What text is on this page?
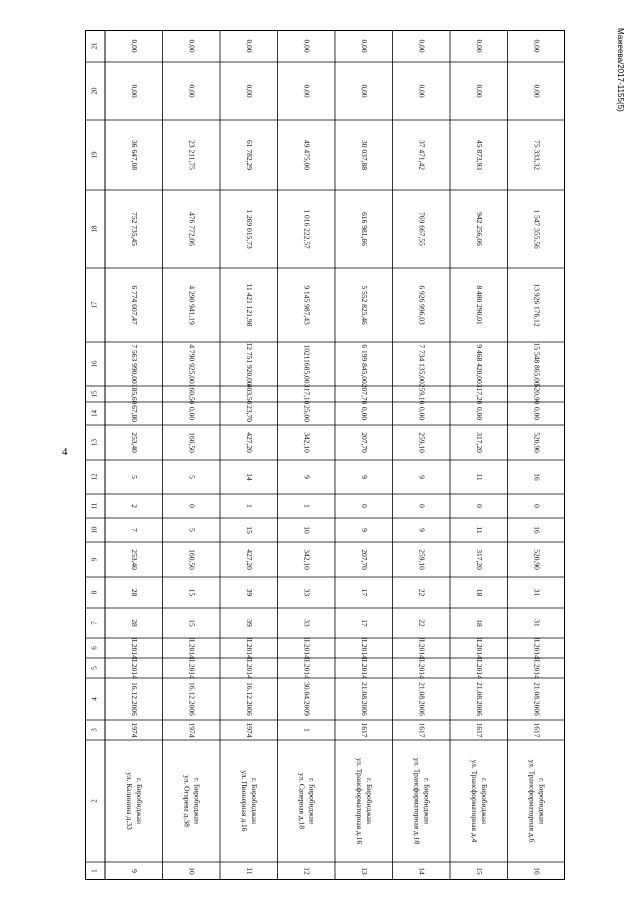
4
Мажеева/2017-1155(5)
1
2
3
4
5
6
7
8
9
10
11
12
13
14
15
16
17
18
19
20
21
9
г. Биробиджан
ул. Калинина д.33
1974
16.12.2006
II.2014
II.2014
28
28
253,40
7
2
5
253,40
67,80
185,60
7 563 990,00
6 774 607,47
752 735,45
36 647,08
0,00
0,00
10
г. Биробиджан
ул. Огарева д.38
1974
16.12.2006
II.2014
II.2014
15
15
160,50
5
0
5
160,50
0,00
160,50
4 790 925,00
4 290 941,19
476 772,06
23 211,75
0,00
0,00
11
г. Биробиджан
ул. Пионерная д.16
1974
16.12.2006
II.2014
II.2014
39
39
427,20
15
1
14
427,20
23,70
403,50
12 751 920,00
11 421 121,98
1 269 015,73
61 782,29
0,00
0,00
12
г. Биробиджан
ул. Саперная д.18
1
30.04.2009
II.2014
II.2014
33
33
342,10
10
1
9
342,10
25,00
317,10
10211685,00
9 145 987,43
1 016 222,57
49 475,00
0,00
0,00
13
г. Биробиджан
ул. Трансформаторная д.16
1617
21.08.2006
II.2014
II.2014
17
17
207,70
9
0
9
207,70
0,00
207,70
6 199 845,00
5 552 825,46
616 981,66
30 037,88
0,00
0,00
14
г. Биробиджан
ул. Трансформаторная д.18
1617
21.08.2006
II.2014
II.2014
22
22
259,10
9
0
9
259,10
0,00
259,10
7 734 135,00
6 926 996,03
769 667,55
37 471,42
0,00
0,00
15
г. Биробиджан
ул. Трансформаторная д.4
1617
21.08.2006
II.2014
II.2014
18
18
317,20
11
0
11
317,20
0,00
317,20
9 468 420,00
8 480 290,01
942 256,06
45 873,93
0,00
0,00
16
г. Биробиджан
ул. Трансформаторная д.6
1617
21.08.2006
II.2014
II.2014
31
31
520,90
16
0
16
520,90
0,00
520,90
15 548 865,00
13 926 176,12
1 547 355,56
75 333,32
0,00
0,00
